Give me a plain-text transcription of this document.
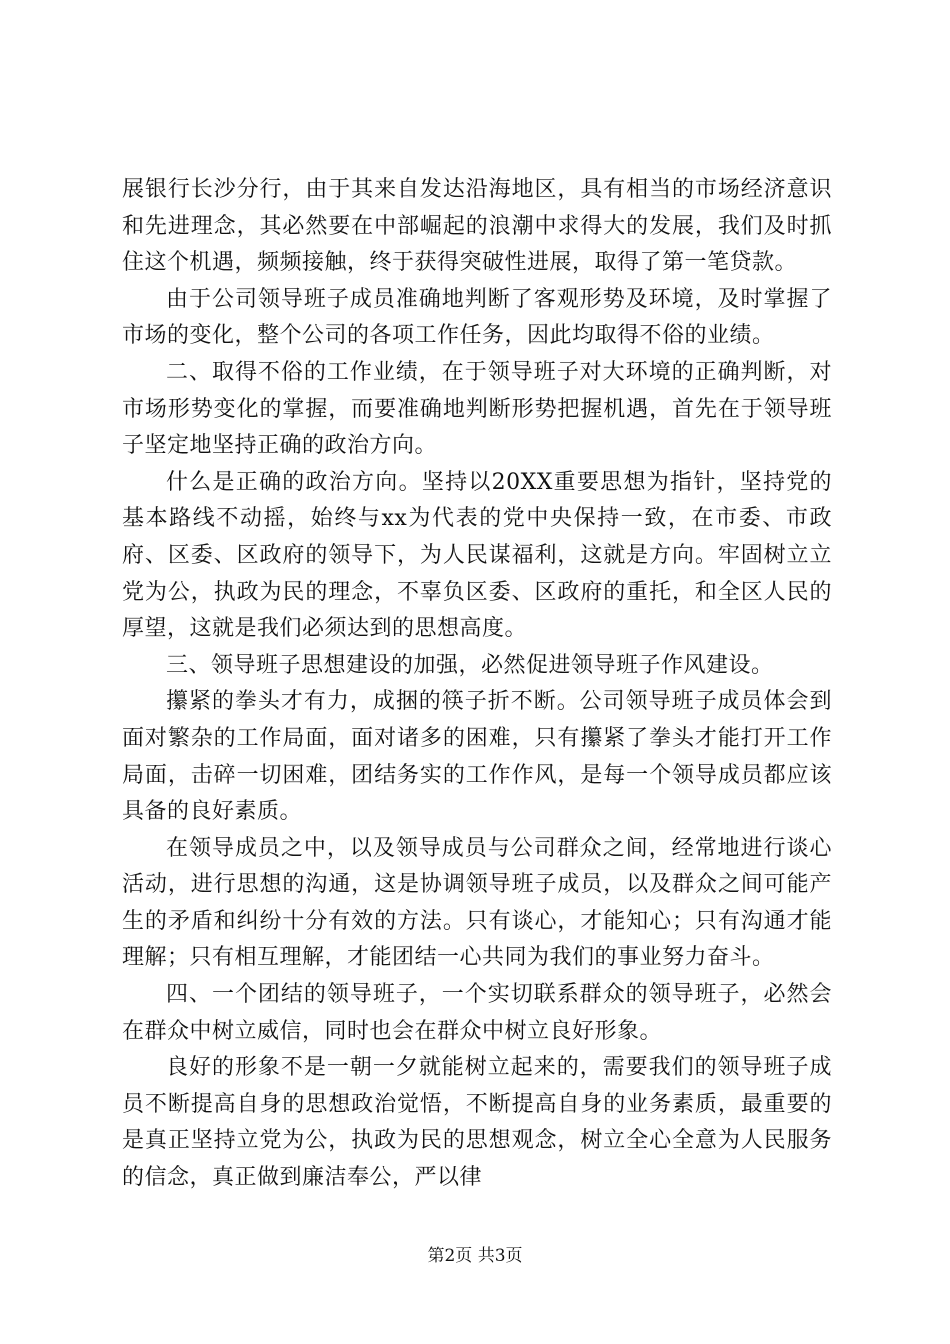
展银行长沙分行，由于其来自发达沿海地区，具有相当的市场经济意识和先进理念，其必然要在中部崛起的浪潮中求得大的发展，我们及时抓住这个机遇，频频接触，终于获得突破性进展，取得了第一笔贷款。

由于公司领导班子成员准确地判断了客观形势及环境，及时掌握了市场的变化，整个公司的各项工作任务，因此均取得不俗的业绩。

二、取得不俗的工作业绩，在于领导班子对大环境的正确判断，对市场形势变化的掌握，而要准确地判断形势把握机遇，首先在于领导班子坚定地坚持正确的政治方向。

什么是正确的政治方向。坚持以20XX重要思想为指针，坚持党的基本路线不动摇，始终与xx为代表的党中央保持一致，在市委、市政府、区委、区政府的领导下，为人民谋福利，这就是方向。牢固树立立党为公，执政为民的理念，不辜负区委、区政府的重托，和全区人民的厚望，这就是我们必须达到的思想高度。

三、领导班子思想建设的加强，必然促进领导班子作风建设。

攥紧的拳头才有力，成捆的筷子折不断。公司领导班子成员体会到面对繁杂的工作局面，面对诸多的困难，只有攥紧了拳头才能打开工作局面，击碎一切困难，团结务实的工作作风，是每一个领导成员都应该具备的良好素质。

在领导成员之中，以及领导成员与公司群众之间，经常地进行谈心活动，进行思想的沟通，这是协调领导班子成员，以及群众之间可能产生的矛盾和纠纷十分有效的方法。只有谈心，才能知心；只有沟通才能理解；只有相互理解，才能团结一心共同为我们的事业努力奋斗。

四、一个团结的领导班子，一个实切联系群众的领导班子，必然会在群众中树立威信，同时也会在群众中树立良好形象。

良好的形象不是一朝一夕就能树立起来的，需要我们的领导班子成员不断提高自身的思想政治觉悟，不断提高自身的业务素质，最重要的是真正坚持立党为公，执政为民的思想观念，树立全心全意为人民服务的信念，真正做到廉洁奉公，严以律

第2页 共3页
